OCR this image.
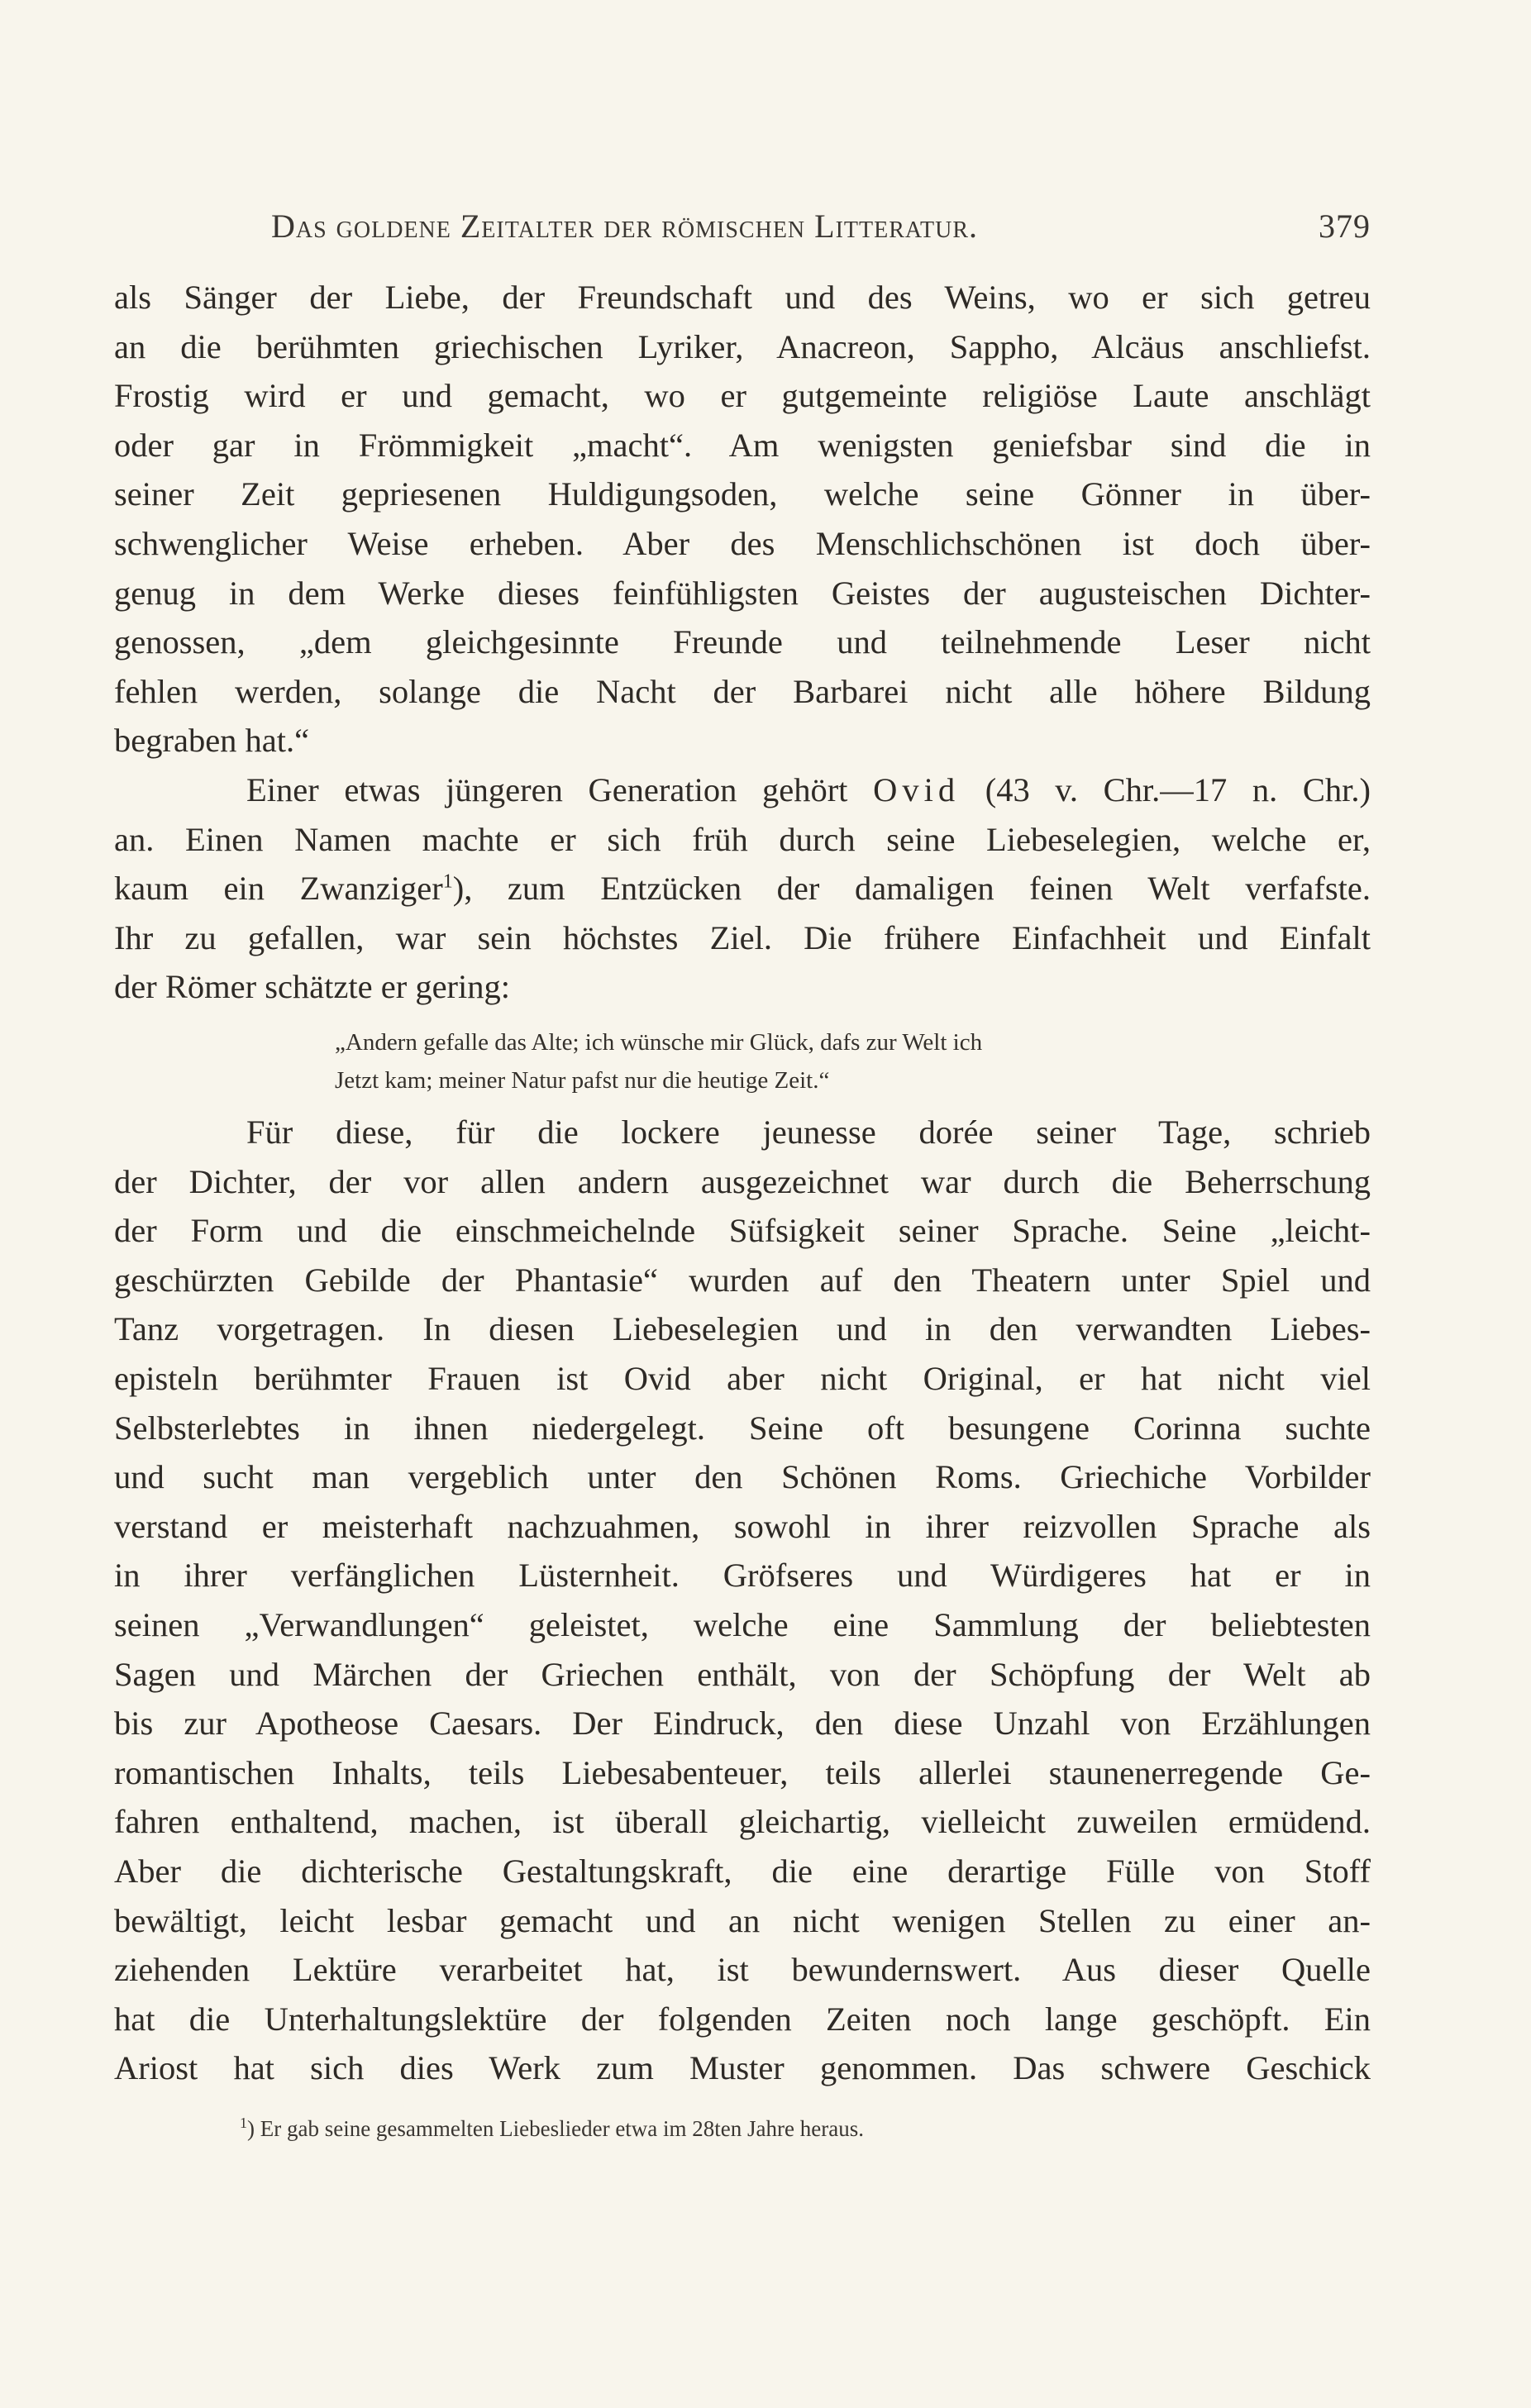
Das goldene Zeitalter der römischen Litteratur.	379
als Sänger der Liebe, der Freundschaft und des Weins, wo er sich getreu
an die berühmten griechischen Lyriker, Anacreon, Sappho, Alcäus anschliefst.
Frostig wird er und gemacht, wo er gutgemeinte religiöse Laute anschlägt
oder gar in Frömmigkeit „macht“. Am wenigsten geniefsbar sind die in
seiner Zeit gepriesenen Huldigungsoden, welche seine Gönner in über-
schwenglicher Weise erheben. Aber des Menschlichschönen ist doch über-
genug in dem Werke dieses feinfühligsten Geistes der augusteischen Dichter-
genossen, „dem gleichgesinnte Freunde und teilnehmende Leser nicht
fehlen werden, solange die Nacht der Barbarei nicht alle höhere Bildung
begraben hat.“
Einer etwas jüngeren Generation gehört Ovid (43 v. Chr.—17 n. Chr.)
an. Einen Namen machte er sich früh durch seine Liebeselegien, welche er,
kaum ein Zwanziger$^1$), zum Entzücken der damaligen feinen Welt verfafste.
Ihr zu gefallen, war sein höchstes Ziel. Die frühere Einfachheit und Einfalt
der Römer schätzte er gering:
„Andern gefalle das Alte; ich wünsche mir Glück, dafs zur Welt ich
Jetzt kam; meiner Natur pafst nur die heutige Zeit.“
Für diese, für die lockere jeunesse dorée seiner Tage, schrieb
der Dichter, der vor allen andern ausgezeichnet war durch die Beherrschung
der Form und die einschmeichelnde Süfsigkeit seiner Sprache. Seine „leicht-
geschürzten Gebilde der Phantasie“ wurden auf den Theatern unter Spiel und
Tanz vorgetragen. In diesen Liebeselegien und in den verwandten Liebes-
episteln berühmter Frauen ist Ovid aber nicht Original, er hat nicht viel
Selbsterlebtes in ihnen niedergelegt. Seine oft besungene Corinna suchte
und sucht man vergeblich unter den Schönen Roms. Griechiche Vorbilder
verstand er meisterhaft nachzuahmen, sowohl in ihrer reizvollen Sprache als
in ihrer verfänglichen Lüsternheit. Gröfseres und Würdigeres hat er in
seinen „Verwandlungen“ geleistet, welche eine Sammlung der beliebtesten
Sagen und Märchen der Griechen enthält, von der Schöpfung der Welt ab
bis zur Apotheose Caesars. Der Eindruck, den diese Unzahl von Erzählungen
romantischen Inhalts, teils Liebesabenteuer, teils allerlei staunenerregende Ge-
fahren enthaltend, machen, ist überall gleichartig, vielleicht zuweilen ermüdend.
Aber die dichterische Gestaltungskraft, die eine derartige Fülle von Stoff
bewältigt, leicht lesbar gemacht und an nicht wenigen Stellen zu einer an-
ziehenden Lektüre verarbeitet hat, ist bewundernswert. Aus dieser Quelle
hat die Unterhaltungslektüre der folgenden Zeiten noch lange geschöpft. Ein
Ariost hat sich dies Werk zum Muster genommen. Das schwere Geschick
$^1$) Er gab seine gesammelten Liebeslieder etwa im 28ten Jahre heraus.
